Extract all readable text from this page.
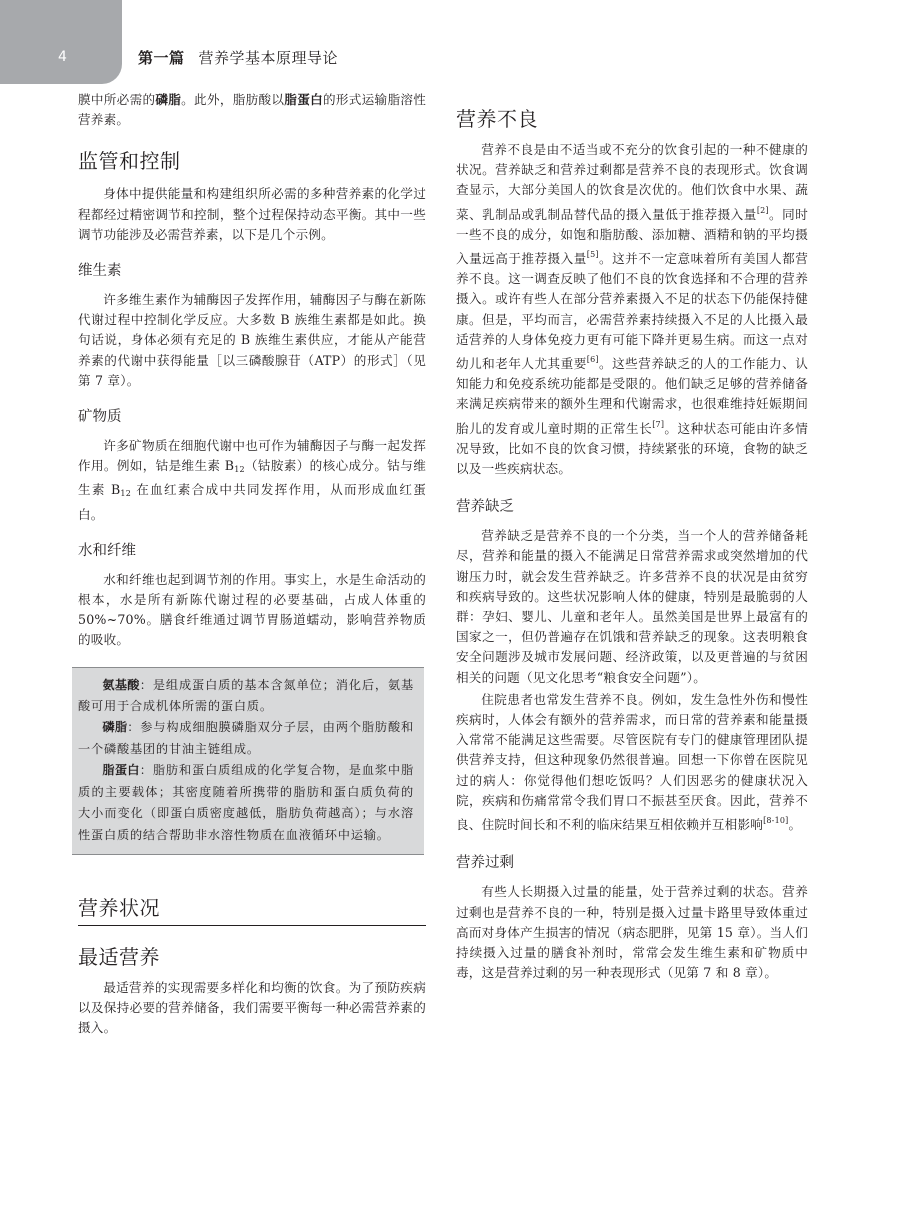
4	第一篇 营养学基本原理导论

膜中所必需的磷脂。此外，脂肪酸以脂蛋白的形式运输脂溶性营养素。

监管和控制

身体中提供能量和构建组织所必需的多种营养素的化学过程都经过精密调节和控制，整个过程保持动态平衡。其中一些调节功能涉及必需营养素，以下是几个示例。

维生素

许多维生素作为辅酶因子发挥作用，辅酶因子与酶在新陈代谢过程中控制化学反应。大多数 B 族维生素都是如此。换句话说，身体必须有充足的 B 族维生素供应，才能从产能营养素的代谢中获得能量［以三磷酸腺苷（ATP）的形式］（见第 7 章）。

矿物质

许多矿物质在细胞代谢中也可作为辅酶因子与酶一起发挥作用。例如，钴是维生素 $B_{12}$（钴胺素）的核心成分。钴与维生素 $B_{12}$ 在血红素合成中共同发挥作用，从而形成血红蛋白。

水和纤维

水和纤维也起到调节剂的作用。事实上，水是生命活动的根本，水是所有新陈代谢过程的必要基础，占成人体重的 50%~70%。膳食纤维通过调节胃肠道蠕动，影响营养物质的吸收。

氨基酸：是组成蛋白质的基本含氮单位；消化后，氨基酸可用于合成机体所需的蛋白质。

磷脂：参与构成细胞膜磷脂双分子层，由两个脂肪酸和一个磷酸基团的甘油主链组成。

脂蛋白：脂肪和蛋白质组成的化学复合物，是血浆中脂质的主要载体；其密度随着所携带的脂肪和蛋白质负荷的大小而变化（即蛋白质密度越低，脂肪负荷越高）；与水溶性蛋白质的结合帮助非水溶性物质在血液循环中运输。

营养状况
最适营养

最适营养的实现需要多样化和均衡的饮食。为了预防疾病以及保持必要的营养储备，我们需要平衡每一种必需营养素的摄入。

营养不良

营养不良是由不适当或不充分的饮食引起的一种不健康的状况。营养缺乏和营养过剩都是营养不良的表现形式。饮食调查显示，大部分美国人的饮食是次优的。他们饮食中水果、蔬菜、乳制品或乳制品替代品的摄入量低于推荐摄入量[2]。同时一些不良的成分，如饱和脂肪酸、添加糖、酒精和钠的平均摄入量远高于推荐摄入量[5]。这并不一定意味着所有美国人都营养不良。这一调查反映了他们不良的饮食选择和不合理的营养摄入。或许有些人在部分营养素摄入不足的状态下仍能保持健康。但是，平均而言，必需营养素持续摄入不足的人比摄入最适营养的人身体免疫力更有可能下降并更易生病。而这一点对幼儿和老年人尤其重要[6]。这些营养缺乏的人的工作能力、认知能力和免疫系统功能都是受限的。他们缺乏足够的营养储备来满足疾病带来的额外生理和代谢需求，也很难维持妊娠期间胎儿的发育或儿童时期的正常生长[7]。这种状态可能由许多情况导致，比如不良的饮食习惯，持续紧张的环境，食物的缺乏以及一些疾病状态。

营养缺乏

营养缺乏是营养不良的一个分类，当一个人的营养储备耗尽，营养和能量的摄入不能满足日常营养需求或突然增加的代谢压力时，就会发生营养缺乏。许多营养不良的状况是由贫穷和疾病导致的。这些状况影响人体的健康，特别是最脆弱的人群：孕妇、婴儿、儿童和老年人。虽然美国是世界上最富有的国家之一，但仍普遍存在饥饿和营养缺乏的现象。这表明粮食安全问题涉及城市发展问题、经济政策，以及更普遍的与贫困相关的问题（见文化思考“粮食安全问题”）。

住院患者也常发生营养不良。例如，发生急性外伤和慢性疾病时，人体会有额外的营养需求，而日常的营养素和能量摄入常常不能满足这些需要。尽管医院有专门的健康管理团队提供营养支持，但这种现象仍然很普遍。回想一下你曾在医院见过的病人：你觉得他们想吃饭吗？人们因恶劣的健康状况入院，疾病和伤痛常常令我们胃口不振甚至厌食。因此，营养不良、住院时间长和不利的临床结果互相依赖并互相影响[8-10]。

营养过剩

有些人长期摄入过量的能量，处于营养过剩的状态。营养过剩也是营养不良的一种，特别是摄入过量卡路里导致体重过高而对身体产生损害的情况（病态肥胖，见第 15 章）。当人们持续摄入过量的膳食补剂时，常常会发生维生素和矿物质中毒，这是营养过剩的另一种表现形式（见第 7 和 8 章）。
